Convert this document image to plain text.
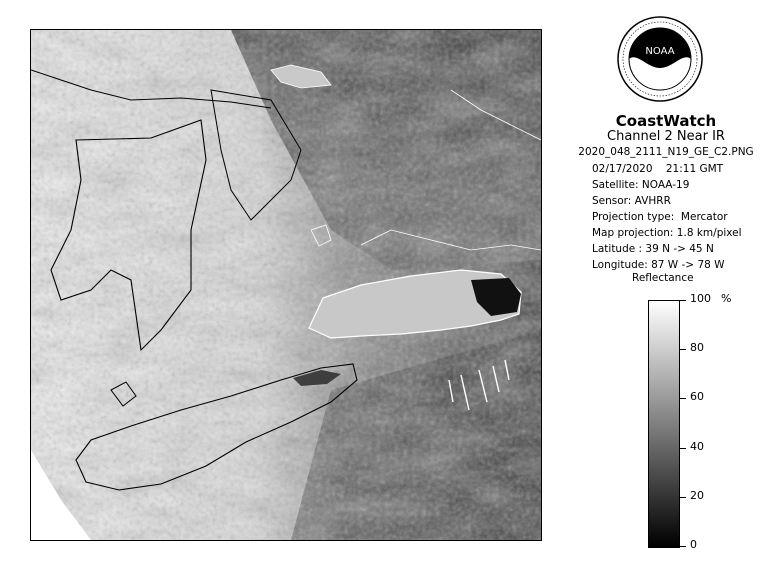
NOAA
CoastWatch
Channel 2 Near IR
2020_048_2111_N19_GE_C2.PNG
02/17/2020    21:11 GMT
Satellite: NOAA-19
Sensor: AVHRR
Projection type:  Mercator
Map projection: 1.8 km/pixel
Latitude : 39 N -> 45 N
Longitude: 87 W -> 78 W
Reflectance
%
100
80
60
40
20
0
